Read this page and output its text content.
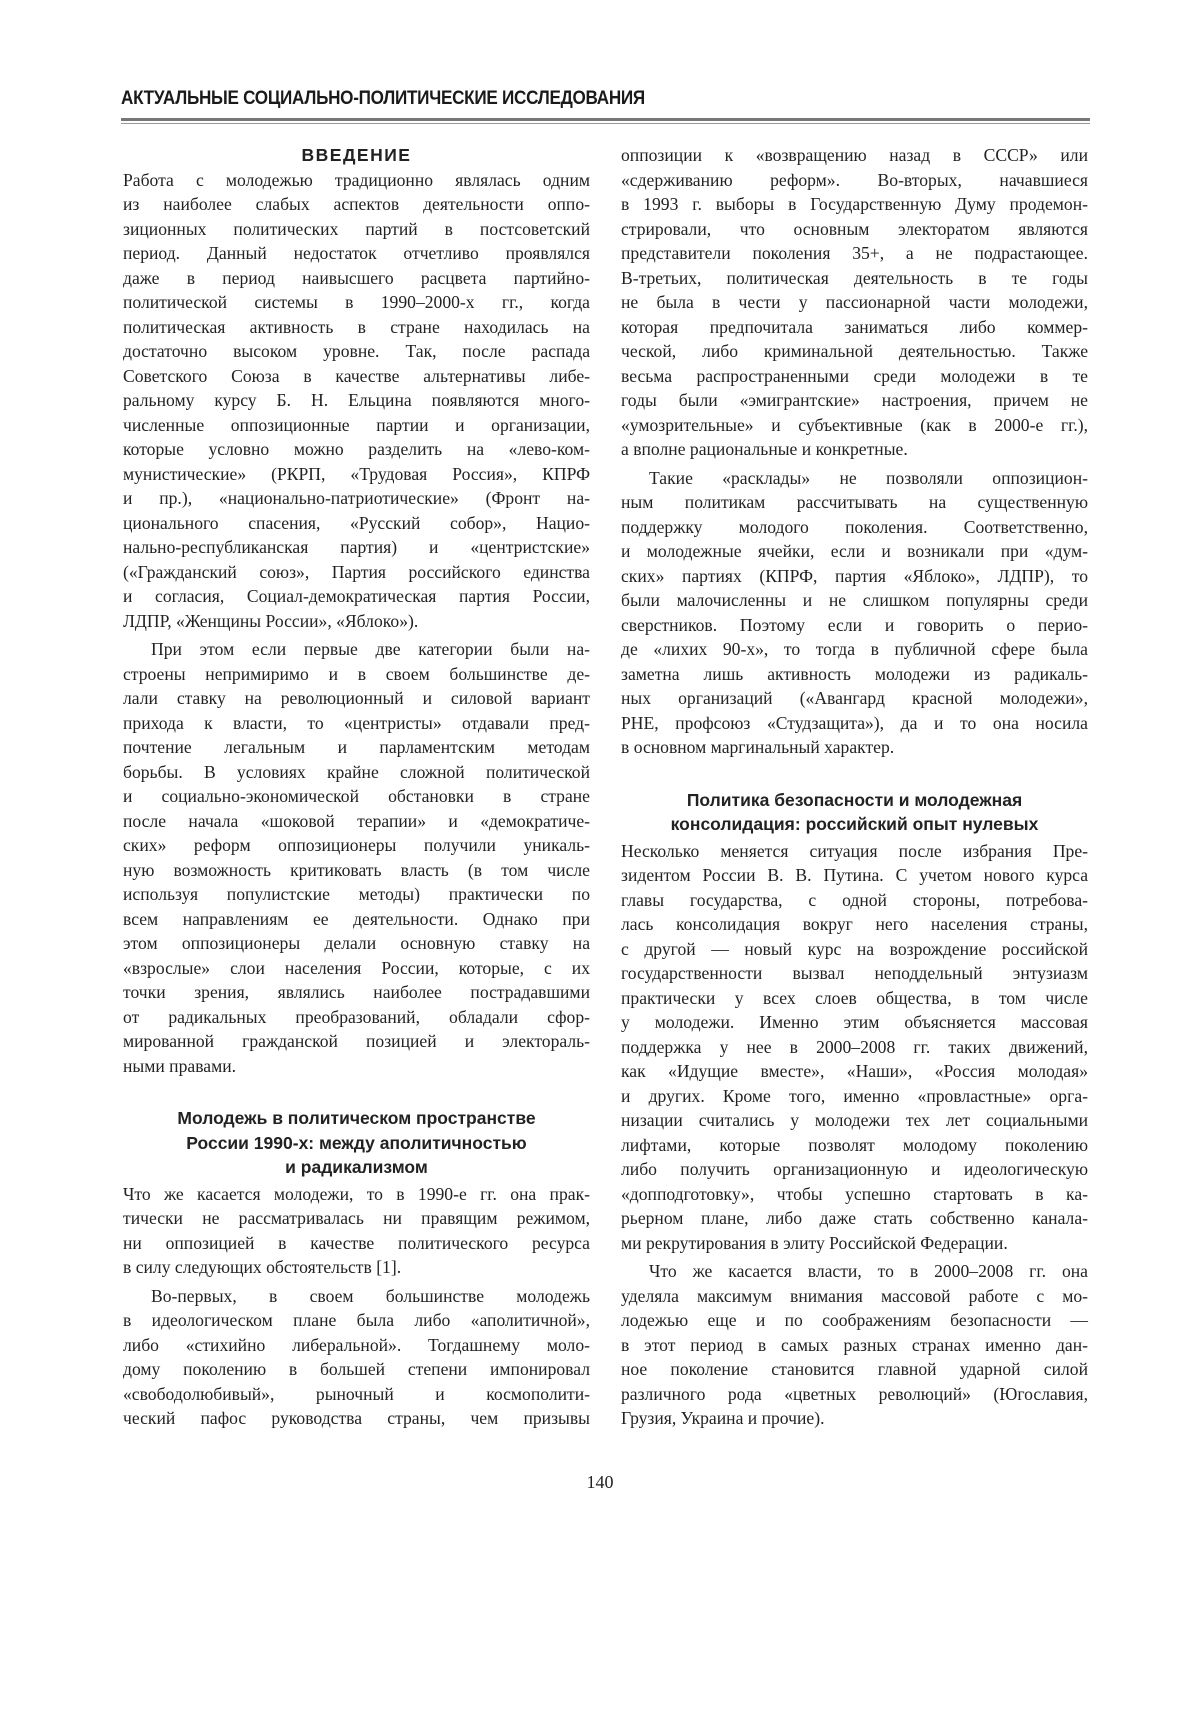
АКТУАЛЬНЫЕ СОЦИАЛЬНО-ПОЛИТИЧЕСКИЕ ИССЛЕДОВАНИЯ
ВВЕДЕНИЕ
Работа с молодежью традиционно являлась одним
из наиболее слабых аспектов деятельности оппо-
зиционных политических партий в постсоветский
период. Данный недостаток отчетливо проявлялся
даже в период наивысшего расцвета партийно-
политической системы в 1990–2000-х гг., когда
политическая активность в стране находилась на
достаточно высоком уровне. Так, после распада
Советского Союза в качестве альтернативы либе-
ральному курсу Б. Н. Ельцина появляются много-
численные оппозиционные партии и организации,
которые условно можно разделить на «лево-ком-
мунистические» (РКРП, «Трудовая Россия», КПРФ
и пр.), «национально-патриотические» (Фронт на-
ционального спасения, «Русский собор», Нацио-
нально-республиканская партия) и «центристские»
(«Гражданский союз», Партия российского единства
и согласия, Социал-демократическая партия России,
ЛДПР, «Женщины России», «Яблоко»).
При этом если первые две категории были на-
строены непримиримо и в своем большинстве де-
лали ставку на революционный и силовой вариант
прихода к власти, то «центристы» отдавали пред-
почтение легальным и парламентским методам
борьбы. В условиях крайне сложной политической
и социально-экономической обстановки в стране
после начала «шоковой терапии» и «демократиче-
ских» реформ оппозиционеры получили уникаль-
ную возможность критиковать власть (в том числе
используя популистские методы) практически по
всем направлениям ее деятельности. Однако при
этом оппозиционеры делали основную ставку на
«взрослые» слои населения России, которые, с их
точки зрения, являлись наиболее пострадавшими
от радикальных преобразований, обладали сфор-
мированной гражданской позицией и электораль-
ными правами.
Молодежь в политическом пространстве
России 1990-х: между аполитичностью
и радикализмом
Что же касается молодежи, то в 1990-е гг. она прак-
тически не рассматривалась ни правящим режимом,
ни оппозицией в качестве политического ресурса
в силу следующих обстоятельств [1].
Во-первых, в своем большинстве молодежь
в идеологическом плане была либо «аполитичной»,
либо «стихийно либеральной». Тогдашнему моло-
дому поколению в большей степени импонировал
«свободолюбивый», рыночный и космополити-
ческий пафос руководства страны, чем призывы
оппозиции к «возвращению назад в СССР» или
«сдерживанию реформ». Во-вторых, начавшиеся
в 1993 г. выборы в Государственную Думу продемон-
стрировали, что основным электоратом являются
представители поколения 35+, а не подрастающее.
В-третьих, политическая деятельность в те годы
не была в чести у пассионарной части молодежи,
которая предпочитала заниматься либо коммер-
ческой, либо криминальной деятельностью. Также
весьма распространенными среди молодежи в те
годы были «эмигрантские» настроения, причем не
«умозрительные» и субъективные (как в 2000-е гг.),
а вполне рациональные и конкретные.
Такие «расклады» не позволяли оппозицион-
ным политикам рассчитывать на существенную
поддержку молодого поколения. Соответственно,
и молодежные ячейки, если и возникали при «дум-
ских» партиях (КПРФ, партия «Яблоко», ЛДПР), то
были малочисленны и не слишком популярны среди
сверстников. Поэтому если и говорить о перио-
де «лихих 90-х», то тогда в публичной сфере была
заметна лишь активность молодежи из радикаль-
ных организаций («Авангард красной молодежи»,
РНЕ, профсоюз «Студзащита»), да и то она носила
в основном маргинальный характер.
Политика безопасности и молодежная
консолидация: российский опыт нулевых
Несколько меняется ситуация после избрания Пре-
зидентом России В. В. Путина. С учетом нового курса
главы государства, с одной стороны, потребова-
лась консолидация вокруг него населения страны,
с другой — новый курс на возрождение российской
государственности вызвал неподдельный энтузиазм
практически у всех слоев общества, в том числе
у молодежи. Именно этим объясняется массовая
поддержка у нее в 2000–2008 гг. таких движений,
как «Идущие вместе», «Наши», «Россия молодая»
и других. Кроме того, именно «провластные» орга-
низации считались у молодежи тех лет социальными
лифтами, которые позволят молодому поколению
либо получить организационную и идеологическую
«допподготовку», чтобы успешно стартовать в ка-
рьерном плане, либо даже стать собственно канала-
ми рекрутирования в элиту Российской Федерации.
Что же касается власти, то в 2000–2008 гг. она
уделяла максимум внимания массовой работе с мо-
лодежью еще и по соображениям безопасности —
в этот период в самых разных странах именно дан-
ное поколение становится главной ударной силой
различного рода «цветных революций» (Югославия,
Грузия, Украина и прочие).
140
